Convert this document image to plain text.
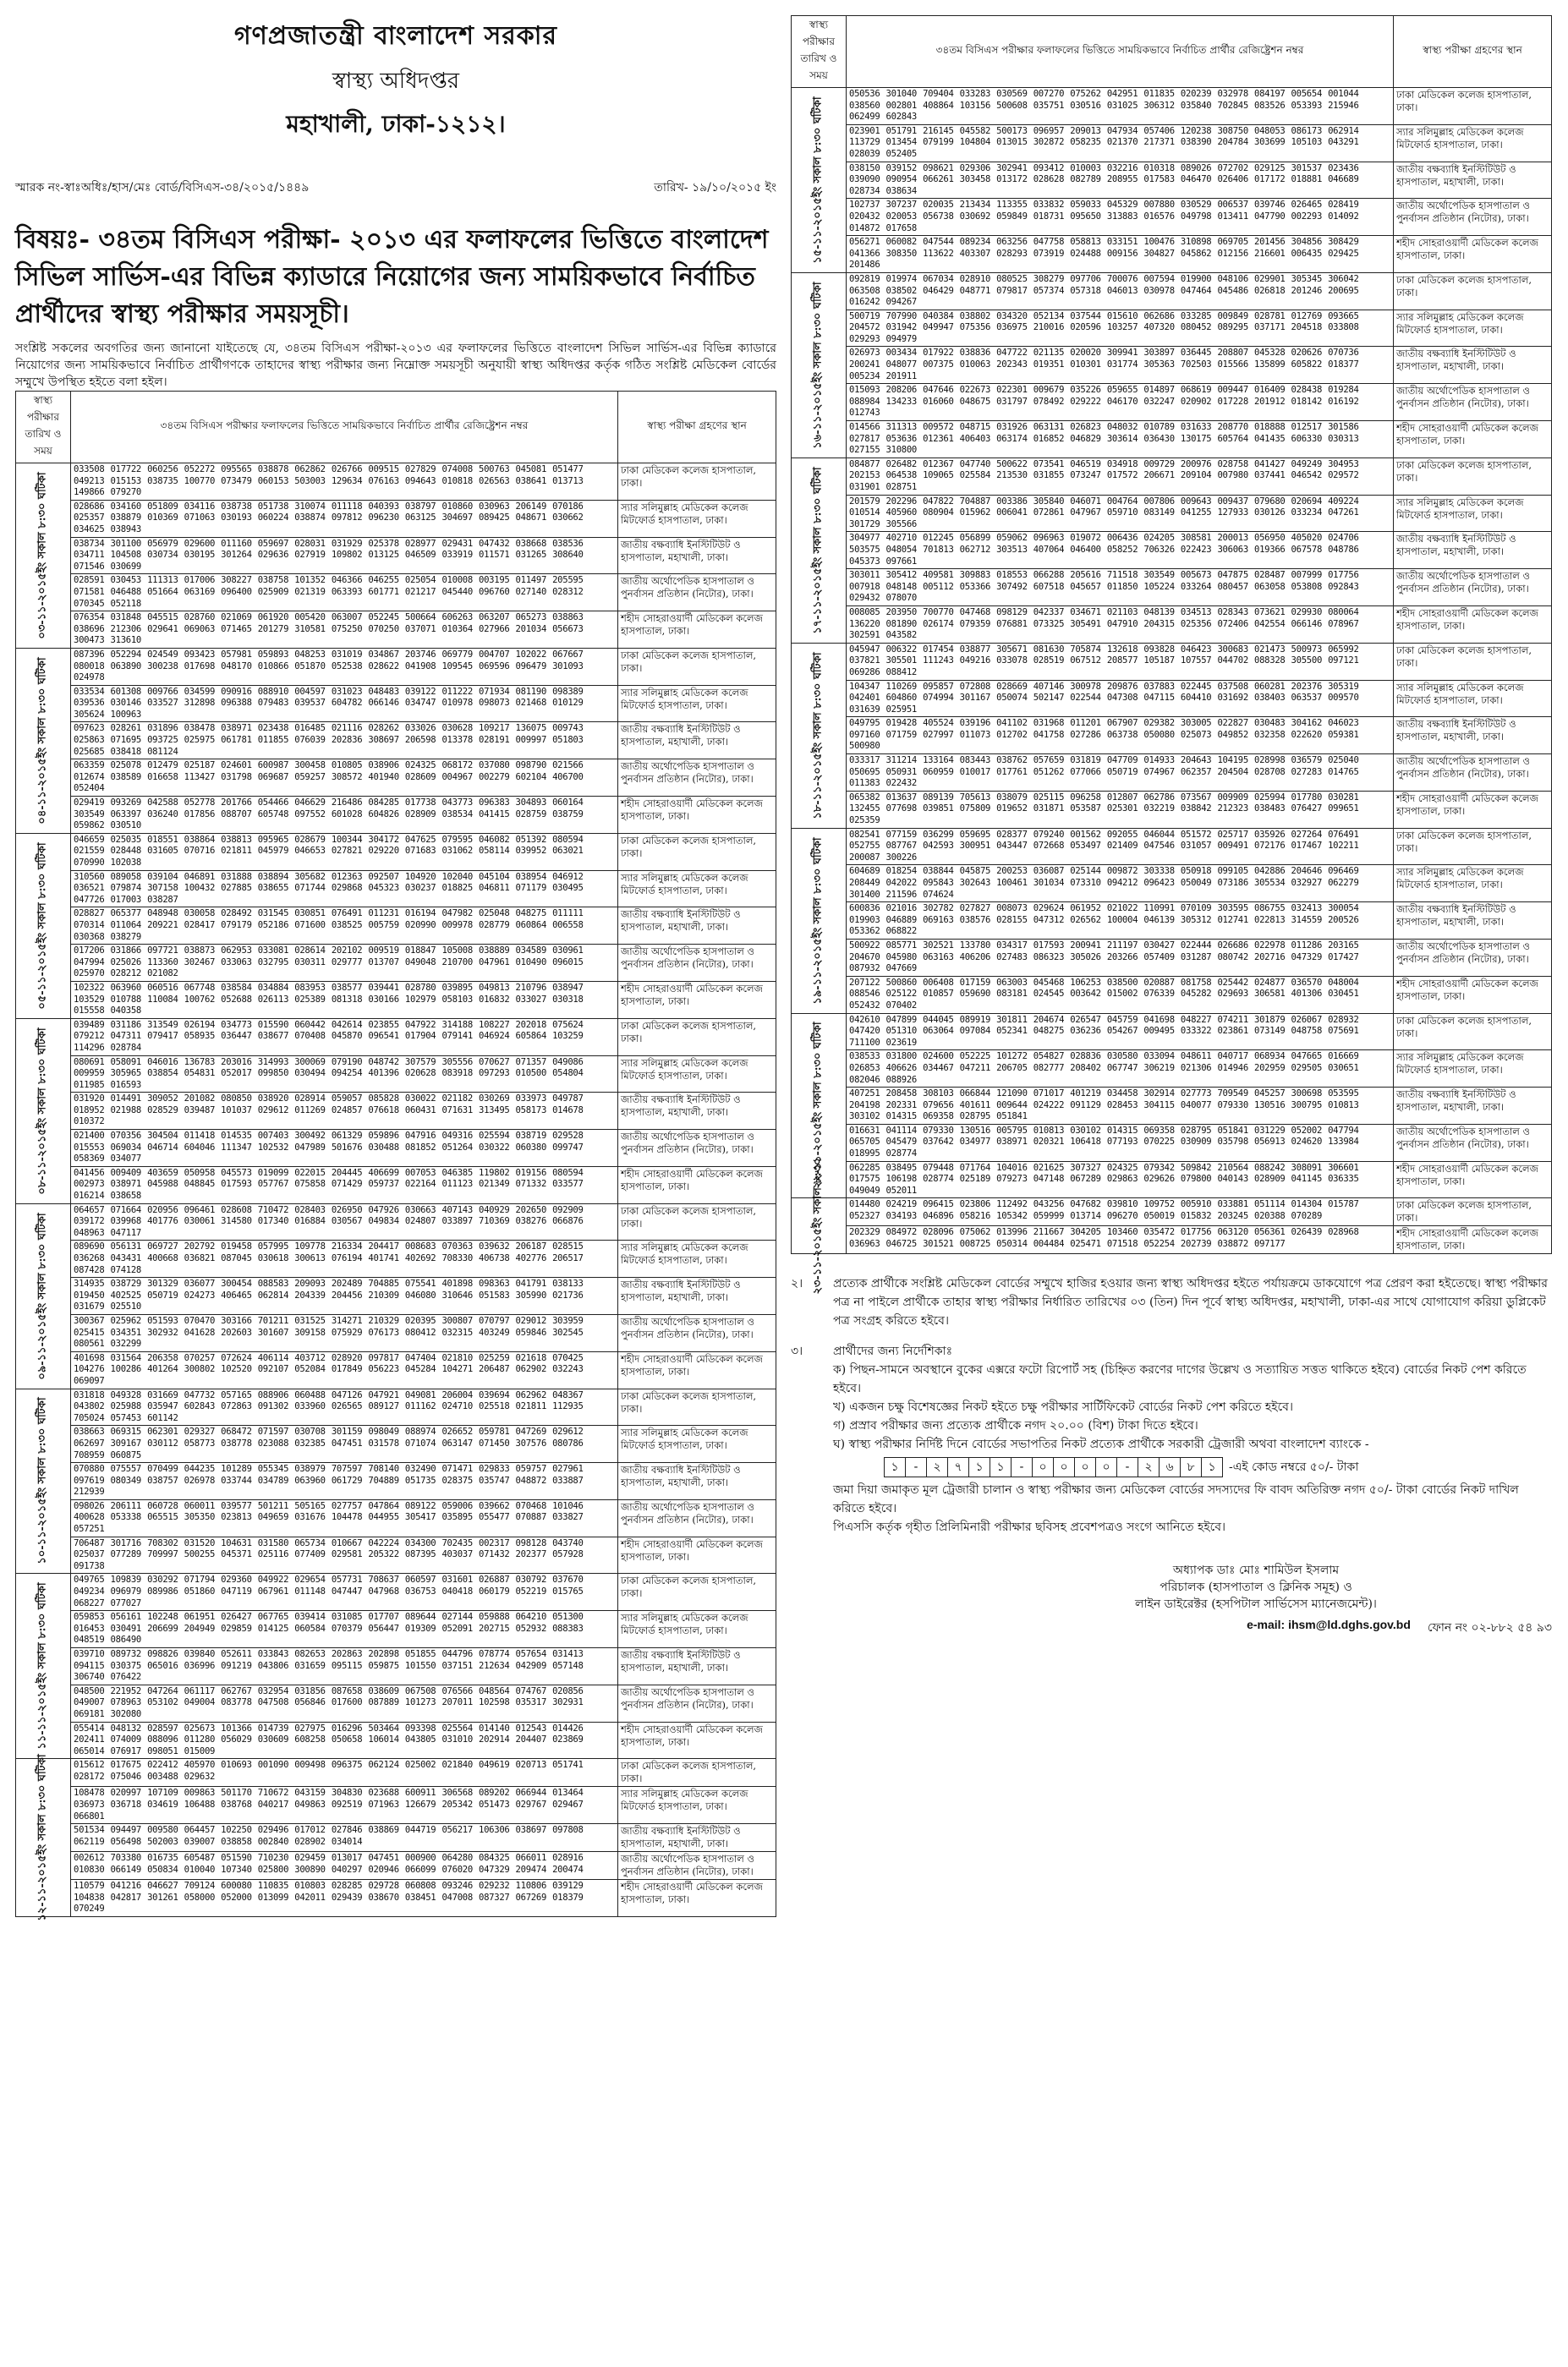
গণপ্রজাতন্ত্রী বাংলাদেশ সরকার
স্বাস্থ্য অধিদপ্তর
মহাখালী, ঢাকা-১২১২।
স্মারক নং-স্বাঃঅধিঃ/হাস/মেঃ বোর্ড/বিসিএস-৩৪/২০১৫/১৪৪৯	তারিখ- ১৯/১০/২০১৫ ইং
বিষয়ঃ- ৩৪তম বিসিএস পরীক্ষা- ২০১৩ এর ফলাফলের ভিত্তিতে বাংলাদেশ সিভিল সার্ভিস-এর বিভিন্ন ক্যাডারে নিয়োগের জন্য সাময়িকভাবে নির্বাচিত প্রার্থীদের স্বাস্থ্য পরীক্ষার সময়সূচী।
সংশ্লিষ্ট সকলের অবগতির জন্য জানানো যাইতেছে যে, ৩৪তম বিসিএস পরীক্ষা-২০১৩ এর ফলাফলের ভিত্তিতে বাংলাদেশ সিভিল সার্ভিস-এর বিভিন্ন ক্যাডারে নিয়োগের জন্য সাময়িকভাবে নির্বাচিত প্রার্থীগণকে তাহাদের স্বাস্থ্য পরীক্ষার জন্য নিম্নোক্ত সময়সূচী অনুযায়ী স্বাস্থ্য অধিদপ্তর কর্তৃক গঠিত সংশ্লিষ্ট মেডিকেল বোর্ডের সম্মুখে উপস্থিত হইতে বলা হইল।
স্বাস্থ্য পরীক্ষার তারিখ ও সময়	৩৪তম বিসিএস পরীক্ষার ফলাফলের ভিত্তিতে সাময়িকভাবে নির্বাচিত প্রার্থীর রেজিষ্ট্রেশন নম্বর	স্বাস্থ্য পরীক্ষা গ্রহণের স্থান

০৩-১১-২০১৫ইং সকাল ৮:৩০ ঘটিকা	033508 017722 060256 052272 095565 038878 062862 026766 009515 027829 074008 500763 045081 051477 049213 015153 038735 100770 073479 060153 503003 129634 076163 094643 010818 026563 038641 013713 149866 079270	ঢাকা মেডিকেল কলেজ হাসপাতাল, ঢাকা।
	028686 034160 051809 034116 038738 051738 310074 011118 040393 038797 010860 030963 206149 070186 025357 038879 010369 071063 030193 060224 038874 097812 096230 063125 304697 089425 048671 030662 034625 038943	স্যার সলিমুল্লাহ মেডিকেল কলেজ মিটফোর্ড হাসপাতাল, ঢাকা।
	038734 301100 056979 029600 011160 059697 028031 031929 025378 028977 029431 047432 038668 038536 034711 104508 030734 030195 301264 029636 027919 109802 013125 046509 033919 011571 031265 308640 071546 030699	জাতীয় বক্ষব্যাধি ইনস্টিটিউট ও হাসপাতাল, মহাখালী, ঢাকা।
	028591 030453 111313 017006 308227 038758 101352 046366 046255 025054 010008 003195 011497 205595 071581 046488 051664 063169 096400 025909 021319 063393 601771 021217 045440 096760 027140 028312 070345 052118	জাতীয় অর্থোপেডিক হাসপাতাল ও পুনর্বাসন প্রতিষ্ঠান (নিটোর), ঢাকা।
	076354 031848 045515 028760 021069 061920 005420 063007 052245 500664 606263 063207 065273 038863 038696 212306 029641 069063 071465 201279 310581 075250 070250 037071 010364 027966 201034 056673 300473 313610	শহীদ সোহরাওয়ার্দী মেডিকেল কলেজ হাসপাতাল, ঢাকা।

০৪-১১-২০১৫ইং সকাল ৮:৩০ ঘটিকা	087396 052294 024549 093423 057981 059893 048253 031019 034867 203746 069779 004707 102022 067667 080018 063890 300238 017698 048170 010866 051870 052538 028622 041908 109545 069596 096479 301093 024978	ঢাকা মেডিকেল কলেজ হাসপাতাল, ঢাকা।
	033534 601308 009766 034599 090916 088910 004597 031023 048483 039122 011222 071934 081190 098389 039536 030146 033527 312898 096388 079483 039537 604782 066146 034747 010978 098073 021468 010129 305624 100963	স্যার সলিমুল্লাহ মেডিকেল কলেজ মিটফোর্ড হাসপাতাল, ঢাকা।
	097623 028261 031896 038478 038971 023438 016485 021116 028262 033026 030628 109217 136075 009743 025863 071695 093725 025975 061781 011855 076039 202836 308697 206598 013378 028191 009997 051803 025685 038418 081124	জাতীয় বক্ষব্যাধি ইনস্টিটিউট ও হাসপাতাল, মহাখালী, ঢাকা।
	063359 025078 012479 025187 024601 600987 300458 010805 038906 024325 068172 037080 098790 021566 012674 038589 016658 113427 031798 069687 059257 308572 401940 028609 004967 002279 602104 406700 052404	জাতীয় অর্থোপেডিক হাসপাতাল ও পুনর্বাসন প্রতিষ্ঠান (নিটোর), ঢাকা।
	029419 093269 042588 052778 201766 054466 046629 216486 084285 017738 043773 096383 304893 060164 303549 063397 036240 017856 088707 605748 097552 601028 604826 028909 038534 041415 028759 038759 059862 030510	শহীদ সোহরাওয়ার্দী মেডিকেল কলেজ হাসপাতাল, ঢাকা।

০৫-১১-২০১৫ইং সকাল ৮:৩০ ঘটিকা	046659 025035 018551 038864 038813 095965 028679 100344 304172 047625 079595 046082 051392 080594 021559 028448 031605 070716 021811 045979 046653 027821 029220 071683 031062 058114 039952 063021 070990 102038	ঢাকা মেডিকেল কলেজ হাসপাতাল, ঢাকা।
	310560 089058 039104 046891 031888 038894 305682 012363 092507 104920 102040 045104 038954 046912 036521 079874 307158 100432 027885 038655 071744 029868 045323 030237 018825 046811 071179 030495 047726 017003 038287	স্যার সলিমুল্লাহ মেডিকেল কলেজ মিটফোর্ড হাসপাতাল, ঢাকা।
	028827 065377 048948 030058 028492 031545 030851 076491 011231 016194 047982 025048 048275 011111 070314 011064 209221 028417 079179 052186 071600 038525 005759 020990 009978 028779 060864 006558 030368 038279	জাতীয় বক্ষব্যাধি ইনস্টিটিউট ও হাসপাতাল, মহাখালী, ঢাকা।
	017206 031866 097721 038873 062953 033081 028614 202102 009519 018847 105008 038889 034589 030961 047994 025026 113360 302467 033063 032795 030311 029777 013707 049048 210700 047961 010490 096015 025970 028212 021082	জাতীয় অর্থোপেডিক হাসপাতাল ও পুনর্বাসন প্রতিষ্ঠান (নিটোর), ঢাকা।
	102322 063960 060516 067748 038584 034884 083953 038577 039441 028780 039895 049813 210796 038947 103529 010788 110084 100762 052688 026113 025389 081318 030166 102979 058103 016832 033027 030318 015558 040358	শহীদ সোহরাওয়ার্দী মেডিকেল কলেজ হাসপাতাল, ঢাকা।

০৮-১১-২০১৫ইং সকাল ৮:৩০ ঘটিকা	039489 031186 313549 026194 034773 015590 060442 042614 023855 047922 314188 108227 202018 075624 079212 047311 079417 058935 036447 038677 070408 045870 096541 017904 079141 046924 605864 103259 114296 028784	ঢাকা মেডিকেল কলেজ হাসপাতাল, ঢাকা।
	080691 058091 046016 136783 203016 314993 300069 079190 048742 307579 305556 070627 071357 049086 009959 305965 038854 054831 052017 099850 030494 094254 401396 020628 083918 097293 010500 054804 011985 016593	স্যার সলিমুল্লাহ মেডিকেল কলেজ মিটফোর্ড হাসপাতাল, ঢাকা।
	031920 014491 309052 201082 080850 038920 028914 059057 085828 030022 021182 030269 033973 049787 018952 021988 028529 039487 101037 029612 011269 024857 076618 060431 071631 313495 058173 014678 010372	জাতীয় বক্ষব্যাধি ইনস্টিটিউট ও হাসপাতাল, মহাখালী, ঢাকা।
	021400 070356 304504 011418 014535 007403 300492 061329 059896 047916 049316 025594 038719 029528 015553 069034 046714 604046 111347 102532 047989 501676 030488 081852 051264 030322 060380 099747 058369 034077	জাতীয় অর্থোপেডিক হাসপাতাল ও পুনর্বাসন প্রতিষ্ঠান (নিটোর), ঢাকা।
	041456 009409 403659 050958 045573 019099 022015 204445 406699 007053 046385 119802 019156 080594 002973 038971 045988 048845 017593 057767 075858 071429 059737 022164 011123 021349 071332 033577 016214 038658	শহীদ সোহরাওয়ার্দী মেডিকেল কলেজ হাসপাতাল, ঢাকা।

০৯-১১-২০১৫ইং সকাল ৮:৩০ ঘটিকা	064657 071664 020956 096461 028608 710472 028403 026950 047926 030663 407143 040929 202650 092909 039172 039968 401776 030061 314580 017340 016884 030567 049834 024807 033897 710369 038276 066876 048963 047117	ঢাকা মেডিকেল কলেজ হাসপাতাল, ঢাকা।
	089690 056131 069727 202792 019458 057995 109778 216334 204417 008683 070363 039632 206187 028515 036268 043431 400668 036821 087045 030618 300613 076194 401741 402692 708330 406738 402776 206517 087428 074128	স্যার সলিমুল্লাহ মেডিকেল কলেজ মিটফোর্ড হাসপাতাল, ঢাকা।
	314935 038729 301329 036077 300454 088583 209093 202489 704885 075541 401898 098363 041791 038133 019450 402525 050719 024273 406465 062814 204339 204456 210309 046080 310646 051583 305990 021736 031679 025510	জাতীয় বক্ষব্যাধি ইনস্টিটিউট ও হাসপাতাল, মহাখালী, ঢাকা।
	300367 025962 051593 070470 303166 701211 031525 314271 210329 020395 300807 070797 029012 303959 025415 034351 302932 041628 202603 301607 309158 075929 076173 080412 032315 403249 059846 302545 080561 032299	জাতীয় অর্থোপেডিক হাসপাতাল ও পুনর্বাসন প্রতিষ্ঠান (নিটোর), ঢাকা।
	401698 031564 206358 070257 072624 406114 403712 028920 097817 047404 021810 025259 021618 070425 104276 100286 401264 300802 102520 092107 052084 017849 056223 045284 104271 206487 062902 032243 069097	শহীদ সোহরাওয়ার্দী মেডিকেল কলেজ হাসপাতাল, ঢাকা।

১০-১১-২০১৫ইং সকাল ৮:৩০ ঘটিকা	031818 049328 031669 047732 057165 088906 060488 047126 047921 049081 206004 039694 062962 048367 043802 025988 035947 602843 072863 091302 033960 026565 089127 011162 024710 025518 021811 112935 705024 057453 601142	ঢাকা মেডিকেল কলেজ হাসপাতাল, ঢাকা।
	038663 069315 062301 029327 068472 071597 030708 301159 098049 088974 026652 059781 047269 029612 062697 309167 030112 058773 038778 023088 032385 047451 031578 071074 063147 071450 307576 080786 708959 060875	স্যার সলিমুল্লাহ মেডিকেল কলেজ মিটফোর্ড হাসপাতাল, ঢাকা।
	070880 075557 070499 044235 101289 055345 038979 707597 708140 032490 071471 029833 059757 027961 097619 080349 038757 026978 033744 034789 063960 061729 704889 051735 028375 035747 048872 033887 212939	জাতীয় বক্ষব্যাধি ইনস্টিটিউট ও হাসপাতাল, মহাখালী, ঢাকা।
	098026 206111 060728 060011 039577 501211 505165 027757 047864 089122 059006 039662 070468 101046 400628 053338 065515 305350 023813 049659 031676 104478 044955 305417 035895 055477 070887 033827 057251	জাতীয় অর্থোপেডিক হাসপাতাল ও পুনর্বাসন প্রতিষ্ঠান (নিটোর), ঢাকা।
	706487 301716 708302 031520 104631 031580 065734 010667 042224 034300 702435 002317 098128 043740 025037 077289 709997 500255 045371 025116 077409 029581 205322 087395 403037 071432 202377 057928 091738	শহীদ সোহরাওয়ার্দী মেডিকেল কলেজ হাসপাতাল, ঢাকা।

১১-১১-২০১৫ইং সকাল ৮:৩০ ঘটিকা	049765 109839 030292 071794 029360 049922 029654 057731 708637 060597 031601 026887 030792 037670 049234 096979 089986 051860 047119 067961 011148 047447 047968 036753 040418 060179 052219 015765 068227 077027	ঢাকা মেডিকেল কলেজ হাসপাতাল, ঢাকা।
	059853 056161 102248 061951 026427 067765 039414 031085 017707 089644 027144 059888 064210 051300 016453 030491 206699 204949 029859 014125 060584 070379 056447 019309 052091 202715 052932 088383 048519 086490	স্যার সলিমুল্লাহ মেডিকেল কলেজ মিটফোর্ড হাসপাতাল, ঢাকা।
	039710 089732 098826 039840 052611 033843 082653 202863 202898 051855 044796 078774 057654 031413 094115 030375 065016 036996 091219 043806 031659 095115 059875 101550 037151 212634 042909 057148 306740 076422	জাতীয় বক্ষব্যাধি ইনস্টিটিউট ও হাসপাতাল, মহাখালী, ঢাকা।
	048500 221952 047264 061117 062767 032954 031856 087658 038609 067508 076566 048564 074767 020856 049007 078963 053102 049004 083778 047508 056846 017600 087889 101273 207011 102598 035317 302931 069181 302080	জাতীয় অর্থোপেডিক হাসপাতাল ও পুনর্বাসন প্রতিষ্ঠান (নিটোর), ঢাকা।
	055414 048132 028597 025673 101366 014739 027975 016296 503464 093398 025564 014140 012543 014426 202411 074009 088096 011280 056029 030609 608258 050658 106014 043805 031010 202914 204407 023869 065014 076917 098051 015009	শহীদ সোহরাওয়ার্দী মেডিকেল কলেজ হাসপাতাল, ঢাকা।

১২-১১-২০১৫ইং সকাল ৮:৩০ ঘটিকা	015612 017675 022412 405970 010693 001090 009498 096375 062124 025002 021840 049619 020713 051741 028172 075046 003488 029632	ঢাকা মেডিকেল কলেজ হাসপাতাল, ঢাকা।
	108478 020997 107109 009863 501170 710672 043159 304830 023688 600911 306568 089202 066944 013464 036973 036718 034619 106488 038768 040217 049863 092519 071963 126679 205342 051473 029767 029467 066801	স্যার সলিমুল্লাহ মেডিকেল কলেজ মিটফোর্ড হাসপাতাল, ঢাকা।
	501534 094497 009580 064457 102250 029496 017012 027846 038869 044719 056217 106306 038697 097808 062119 056498 502003 039007 038858 002840 028902 034014	জাতীয় বক্ষব্যাধি ইনস্টিটিউট ও হাসপাতাল, মহাখালী, ঢাকা।
	002612 703380 016735 605487 051590 710230 029459 013017 047451 000900 064280 084325 066011 028916 010830 066149 050834 010040 107340 025800 300890 040297 020946 066099 076020 047329 209474 200474	জাতীয় অর্থোপেডিক হাসপাতাল ও পুনর্বাসন প্রতিষ্ঠান (নিটোর), ঢাকা।
	110579 041216 046627 709124 600080 110835 010803 028285 029728 060808 093246 029232 110806 039129 104838 042817 301261 058000 052000 013099 042011 029439 038670 038451 047008 087327 067269 018379 070249	শহীদ সোহরাওয়ার্দী মেডিকেল কলেজ হাসপাতাল, ঢাকা।
স্বাস্থ্য পরীক্ষার তারিখ ও সময়	৩৪তম বিসিএস পরীক্ষার ফলাফলের ভিত্তিতে সাময়িকভাবে নির্বাচিত প্রার্থীর রেজিষ্ট্রেশন নম্বর	স্বাস্থ্য পরীক্ষা গ্রহণের স্থান

১৫-১১-২০১৫ইং সকাল ৮:৩০ ঘটিকা	050536 301040 709404 033283 030569 007270 075262 042951 011835 020239 032978 084197 005654 001044 038560 002801 408864 103156 500608 035751 030516 031025 306312 035840 702845 083526 053393 215946 062499 602843	ঢাকা মেডিকেল কলেজ হাসপাতাল, ঢাকা।
	023901 051791 216145 045582 500173 096957 209013 047934 057406 120238 308750 048053 086173 062914 113729 013454 079199 104804 013015 302872 058235 021370 217371 038390 204784 303699 105103 043291 028039 052405	স্যার সলিমুল্লাহ মেডিকেল কলেজ মিটফোর্ড হাসপাতাল, ঢাকা।
	038150 039152 098621 029306 302941 093412 010003 032216 010318 089026 072702 029125 301537 023436 039090 090954 066261 303458 013172 028628 082789 208955 017583 046470 026406 017172 018881 046689 028734 038634	জাতীয় বক্ষব্যাধি ইনস্টিটিউট ও হাসপাতাল, মহাখালী, ঢাকা।
	102737 307237 020035 213434 113355 033832 059033 045329 007880 030529 006537 039746 026465 028419 020432 020053 056738 030692 059849 018731 095650 313883 016576 049798 013411 047790 002293 014092 014872 017658	জাতীয় অর্থোপেডিক হাসপাতাল ও পুনর্বাসন প্রতিষ্ঠান (নিটোর), ঢাকা।
	056271 060082 047544 089234 063256 047758 058813 033151 100476 310898 069705 201456 304856 308429 041366 308350 113622 403307 028293 073919 024488 009156 304827 045862 012156 216601 006435 029425 201486	শহীদ সোহরাওয়ার্দী মেডিকেল কলেজ হাসপাতাল, ঢাকা।

১৬-১১-২০১৫ইং সকাল ৮:৩০ ঘটিকা	092819 019974 067034 028910 080525 308279 097706 700076 007594 019900 048106 029901 305345 306042 063508 038502 046429 048771 079817 057374 057318 046013 030978 047464 045486 026818 201246 200695 016242 094267	ঢাকা মেডিকেল কলেজ হাসপাতাল, ঢাকা।
	500719 707990 040384 038802 034320 052134 037544 015610 062686 033285 009849 028781 012769 093665 204572 031942 049947 075356 036975 210016 020596 103257 407320 080452 089295 037171 204518 033808 029293 094979	স্যার সলিমুল্লাহ মেডিকেল কলেজ মিটফোর্ড হাসপাতাল, ঢাকা।
	026973 003434 017922 038836 047722 021135 020020 309941 303897 036445 208807 045328 020626 070736 200241 048077 007375 010063 202343 019351 010301 031774 305363 702503 015566 135899 605822 018377 005234 201911	জাতীয় বক্ষব্যাধি ইনস্টিটিউট ও হাসপাতাল, মহাখালী, ঢাকা।
	015093 208206 047646 022673 022301 009679 035226 059655 014897 068619 009447 016409 028438 019284 088984 134233 016060 048675 031797 078492 029222 046170 032247 020902 017228 201912 018142 016192 012743	জাতীয় অর্থোপেডিক হাসপাতাল ও পুনর্বাসন প্রতিষ্ঠান (নিটোর), ঢাকা।
	014566 311313 009572 048715 031926 063131 026823 048032 010789 031633 208770 018888 012517 301586 027817 053636 012361 406403 063174 016852 046829 303614 036430 130175 605764 041435 606330 030313 027155 310800	শহীদ সোহরাওয়ার্দী মেডিকেল কলেজ হাসপাতাল, ঢাকা।

১৭-১১-২০১৫ইং সকাল ৮:৩০ ঘটিকা	084877 026482 012367 047740 500622 073541 046519 034918 009729 200976 028758 041427 049249 304953 202153 064538 109065 025584 213530 031855 073247 017572 206671 209104 007980 037441 046542 029572 031901 028751	ঢাকা মেডিকেল কলেজ হাসপাতাল, ঢাকা।
	201579 202296 047822 704887 003386 305840 046071 004764 007806 009643 009437 079680 020694 409224 010514 405960 080904 015962 006041 072861 047967 059710 083149 041255 127933 030126 033234 047261 301729 305566	স্যার সলিমুল্লাহ মেডিকেল কলেজ মিটফোর্ড হাসপাতাল, ঢাকা।
	304977 402710 012245 056899 059062 096963 019072 006436 024205 308581 200013 056950 405020 024706 503575 048054 701813 062712 303513 407064 046400 058252 706326 022423 306063 019366 067578 048786 045373 097661	জাতীয় বক্ষব্যাধি ইনস্টিটিউট ও হাসপাতাল, মহাখালী, ঢাকা।
	303011 305412 409581 309883 018553 066288 205616 711518 303549 005673 047875 028487 007999 017756 007918 048148 005112 053366 307492 607518 045657 011850 105224 033264 080457 063058 053808 092843 029432 078070	জাতীয় অর্থোপেডিক হাসপাতাল ও পুনর্বাসন প্রতিষ্ঠান (নিটোর), ঢাকা।
	008085 203950 700770 047468 098129 042337 034671 021103 048139 034513 028343 073621 029930 080064 136220 081890 026174 079359 076881 073325 305491 047910 204315 025356 072406 042554 066146 078967 302591 043582	শহীদ সোহরাওয়ার্দী মেডিকেল কলেজ হাসপাতাল, ঢাকা।

১৮-১১-২০১৫ইং সকাল ৮:৩০ ঘটিকা	045947 006322 017454 038877 305671 081630 705874 132618 093828 046423 300683 021473 500973 065992 037821 305501 111243 049216 033078 028519 067512 208577 105187 107557 044702 088328 305500 097121 069286 088412	ঢাকা মেডিকেল কলেজ হাসপাতাল, ঢাকা।
	104347 110269 095857 072808 028669 407146 300978 209876 037883 022445 037508 060281 202376 305319 042401 604860 074994 301167 050074 502147 022544 047308 047115 604410 031692 038403 063537 009570 031639 025951	স্যার সলিমুল্লাহ মেডিকেল কলেজ মিটফোর্ড হাসপাতাল, ঢাকা।
	049795 019428 405524 039196 041102 031968 011201 067907 029382 303005 022827 030483 304162 046023 097160 071759 027997 011073 012702 041758 027286 063738 050080 025073 049852 032358 022620 059381 500980	জাতীয় বক্ষব্যাধি ইনস্টিটিউট ও হাসপাতাল, মহাখালী, ঢাকা।
	033317 311214 133164 083443 038762 057659 031819 047709 014933 204643 104195 028998 036579 025040 050695 050931 060959 010017 017761 051262 077066 050719 074967 062357 204504 028708 027283 014765 011383 022432	জাতীয় অর্থোপেডিক হাসপাতাল ও পুনর্বাসন প্রতিষ্ঠান (নিটোর), ঢাকা।
	065382 013637 089139 705613 038079 025115 096258 012807 062786 073567 009909 025994 017780 030281 132455 077698 039851 075809 019652 031871 053587 025301 032219 038842 212323 038483 076427 099651 025359	শহীদ সোহরাওয়ার্দী মেডিকেল কলেজ হাসপাতাল, ঢাকা।

১৯-১১-২০১৫ইং সকাল ৮:৩০ ঘটিকা	082541 077159 036299 059695 028377 079240 001562 092055 046044 051572 025717 035926 027264 076491 052755 087767 042593 300951 043447 072668 053497 021409 047546 031057 009491 072176 017467 102211 200087 300226	ঢাকা মেডিকেল কলেজ হাসপাতাল, ঢাকা।
	604689 018254 038844 045875 200253 036087 025144 009872 303338 050918 099105 042886 204646 096469 208449 042022 095843 302643 100461 301034 073310 094212 096423 050049 073186 305534 032927 062279 301400 211596 074624	স্যার সলিমুল্লাহ মেডিকেল কলেজ মিটফোর্ড হাসপাতাল, ঢাকা।
	600836 021016 302782 027827 008073 029624 061952 021022 110991 070109 303595 086755 032413 300054 019903 046889 069163 038576 028155 047312 026562 100004 046139 305312 012741 022813 314559 200526 053362 068822	জাতীয় বক্ষব্যাধি ইনস্টিটিউট ও হাসপাতাল, মহাখালী, ঢাকা।
	500922 085771 302521 133780 034317 017593 200941 211197 030427 022444 026686 022978 011286 203165 204670 045980 063163 406206 027483 086323 305026 203266 057409 031287 080742 202716 047329 017427 087932 047669	জাতীয় অর্থোপেডিক হাসপাতাল ও পুনর্বাসন প্রতিষ্ঠান (নিটোর), ঢাকা।
	207122 500860 006408 017159 063003 045468 106253 038500 020887 081758 025442 024877 036570 048004 088546 025122 010857 059690 083181 024545 003642 015002 076339 045282 029693 306581 401306 030451 052432 070402	শহীদ সোহরাওয়ার্দী মেডিকেল কলেজ হাসপাতাল, ঢাকা।

২২-১১-২০১৫ইং সকাল ৮:৩০ ঘটিকা	042610 047899 044045 089919 301811 204674 026547 045759 041698 048227 074211 301879 026067 028932 047420 051310 063064 097084 052341 048275 036236 054267 009495 033322 023861 073149 048758 075691 711100 023619	ঢাকা মেডিকেল কলেজ হাসপাতাল, ঢাকা।
	038533 031800 024600 052225 101272 054827 028836 030580 033094 048611 040717 068934 047665 016669 026853 406626 034467 047211 206705 082777 208402 067747 306219 021306 014946 202959 029505 030651 082046 088926	স্যার সলিমুল্লাহ মেডিকেল কলেজ মিটফোর্ড হাসপাতাল, ঢাকা।
	407251 208458 308103 066844 121090 071017 401219 034458 302914 027773 709549 045257 300698 053595 204198 202331 079656 401611 009644 024222 091129 028453 304115 040077 079330 130516 300795 010813 303102 014315 069358 028795 051841	জাতীয় বক্ষব্যাধি ইনস্টিটিউট ও হাসপাতাল, মহাখালী, ঢাকা।
	016631 041114 079330 130516 005795 010813 030102 014315 069358 028795 051841 031229 052002 047794 065705 045479 037642 034977 038971 020321 106418 077193 070225 030909 035798 056913 024620 133984 018995 028774	জাতীয় অর্থোপেডিক হাসপাতাল ও পুনর্বাসন প্রতিষ্ঠান (নিটোর), ঢাকা।
	062285 038495 079448 071764 104016 021625 307327 024325 079342 509842 210564 088242 308091 306601 017575 106198 028774 025189 079273 047148 067289 029863 029626 079800 040143 028909 041145 036335 049049 052011	শহীদ সোহরাওয়ার্দী মেডিকেল কলেজ হাসপাতাল, ঢাকা।

২৩-১১-২০১৫ইং সকাল ৮:৩০	014480 024219 096415 023806 112492 043256 047682 039810 109752 005910 033881 051114 014304 015787 052327 034193 046896 058216 105342 059999 013714 096270 050019 015832 203245 020388 070289	ঢাকা মেডিকেল কলেজ হাসপাতাল, ঢাকা।
	202329 084972 028096 075062 013996 211667 304205 103460 035472 017756 063120 056361 026439 028968 036963 046725 301521 008725 050314 004484 025471 071518 052254 202739 038872 097177	শহীদ সোহরাওয়ার্দী মেডিকেল কলেজ হাসপাতাল, ঢাকা।
২।	প্রত্যেক প্রার্থীকে সংশ্লিষ্ট মেডিকেল বোর্ডের সম্মুখে হাজির হওয়ার জন্য স্বাস্থ্য অধিদপ্তর হইতে পর্যায়ক্রমে ডাকযোগে পত্র প্রেরণ করা হইতেছে। স্বাস্থ্য পরীক্ষার পত্র না পাইলে প্রার্থীকে তাহার স্বাস্থ্য পরীক্ষার নির্ধারিত তারিখের ০৩ (তিন) দিন পূর্বে স্বাস্থ্য অধিদপ্তর, মহাখালী, ঢাকা-এর সাথে যোগাযোগ করিয়া ডুপ্লিকেট পত্র সংগ্রহ করিতে হইবে।
৩।	প্রার্থীদের জন্য নির্দেশিকাঃ
ক) পিছন-সামনে অবস্থানে বুকের এক্সরে ফটো রিপোর্ট সহ (চিহ্নিত করণের দাগের উল্লেখ ও সত্যায়িত সত্তত থাকিতে হইবে) বোর্ডের নিকট পেশ করিতে হইবে।
খ) একজন চক্ষু বিশেষজ্ঞের নিকট হইতে চক্ষু পরীক্ষার সার্টিফিকেট বোর্ডের নিকট পেশ করিতে হইবে।
গ) প্রস্রাব পরীক্ষার জন্য প্রত্যেক প্রার্থীকে নগদ ২০.০০ (বিশ) টাকা দিতে হইবে।
ঘ) স্বাস্থ্য পরীক্ষার নির্দিষ্ট দিনে বোর্ডের সভাপতির নিকট প্রত্যেক প্রার্থীকে সরকারী ট্রেজারী অথবা বাংলাদেশ ব্যাংকে -
১	-	২	৭	১	১	-	০	০	০	০	-	২	৬	৮	১	-এই কোড নম্বরে ৫০/- টাকা
জমা দিয়া জমাকৃত মূল ট্রেজারী চালান ও স্বাস্থ্য পরীক্ষার জন্য মেডিকেল বোর্ডের সদস্যদের ফি বাবদ অতিরিক্ত নগদ ৫০/- টাকা বোর্ডের নিকট দাখিল করিতে হইবে।
পিএসসি কর্তৃক গৃহীত প্রিলিমিনারী পরীক্ষার ছবিসহ প্রবেশপত্রও সংগে আনিতে হইবে।
অধ্যাপক ডাঃ মোঃ শামিউল ইসলাম
পরিচালক (হাসপাতাল ও ক্লিনিক সমূহ) ও
লাইন ডাইরেক্টর (হসপিটাল সার্ভিসেস ম্যানেজমেন্ট)।
e-mail: ihsm@ld.dghs.gov.bd ফোন নং ০২-৮৮২ ৫৪ ৯৩
